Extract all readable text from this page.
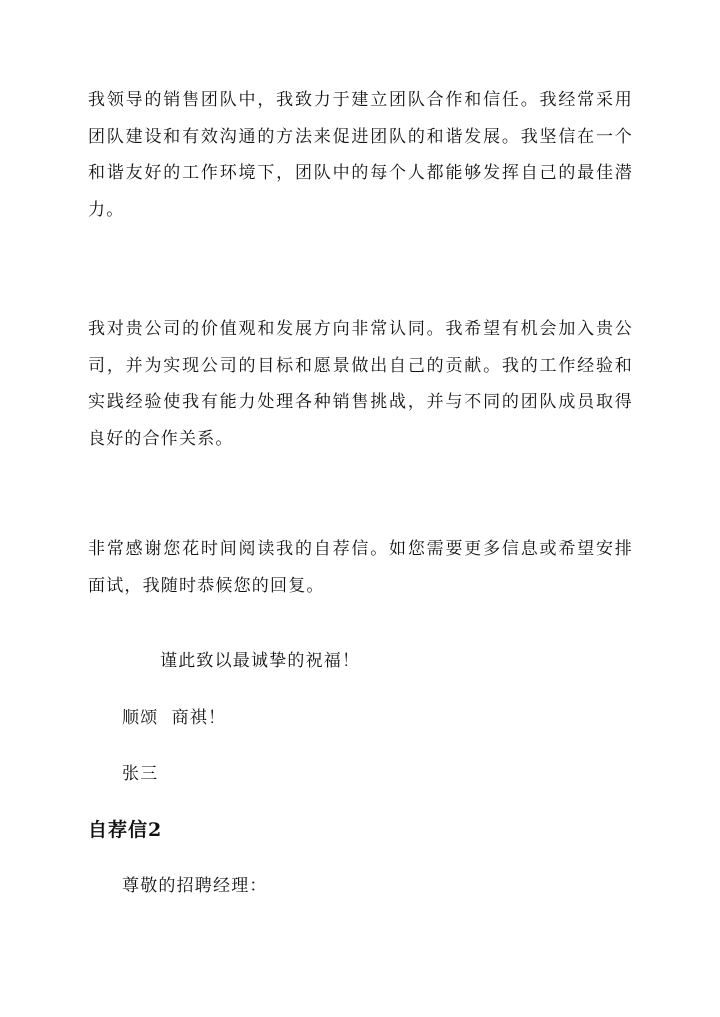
我领导的销售团队中，我致力于建立团队合作和信任。我经常采用团队建设和有效沟通的方法来促进团队的和谐发展。我坚信在一个和谐友好的工作环境下，团队中的每个人都能够发挥自己的最佳潜力。

我对贵公司的价值观和发展方向非常认同。我希望有机会加入贵公司，并为实现公司的目标和愿景做出自己的贡献。我的工作经验和实践经验使我有能力处理各种销售挑战，并与不同的团队成员取得良好的合作关系。

非常感谢您花时间阅读我的自荐信。如您需要更多信息或希望安排面试，我随时恭候您的回复。

谨此致以最诚挚的祝福！

顺颂  商祺！

张三

自荐信2

尊敬的招聘经理：
